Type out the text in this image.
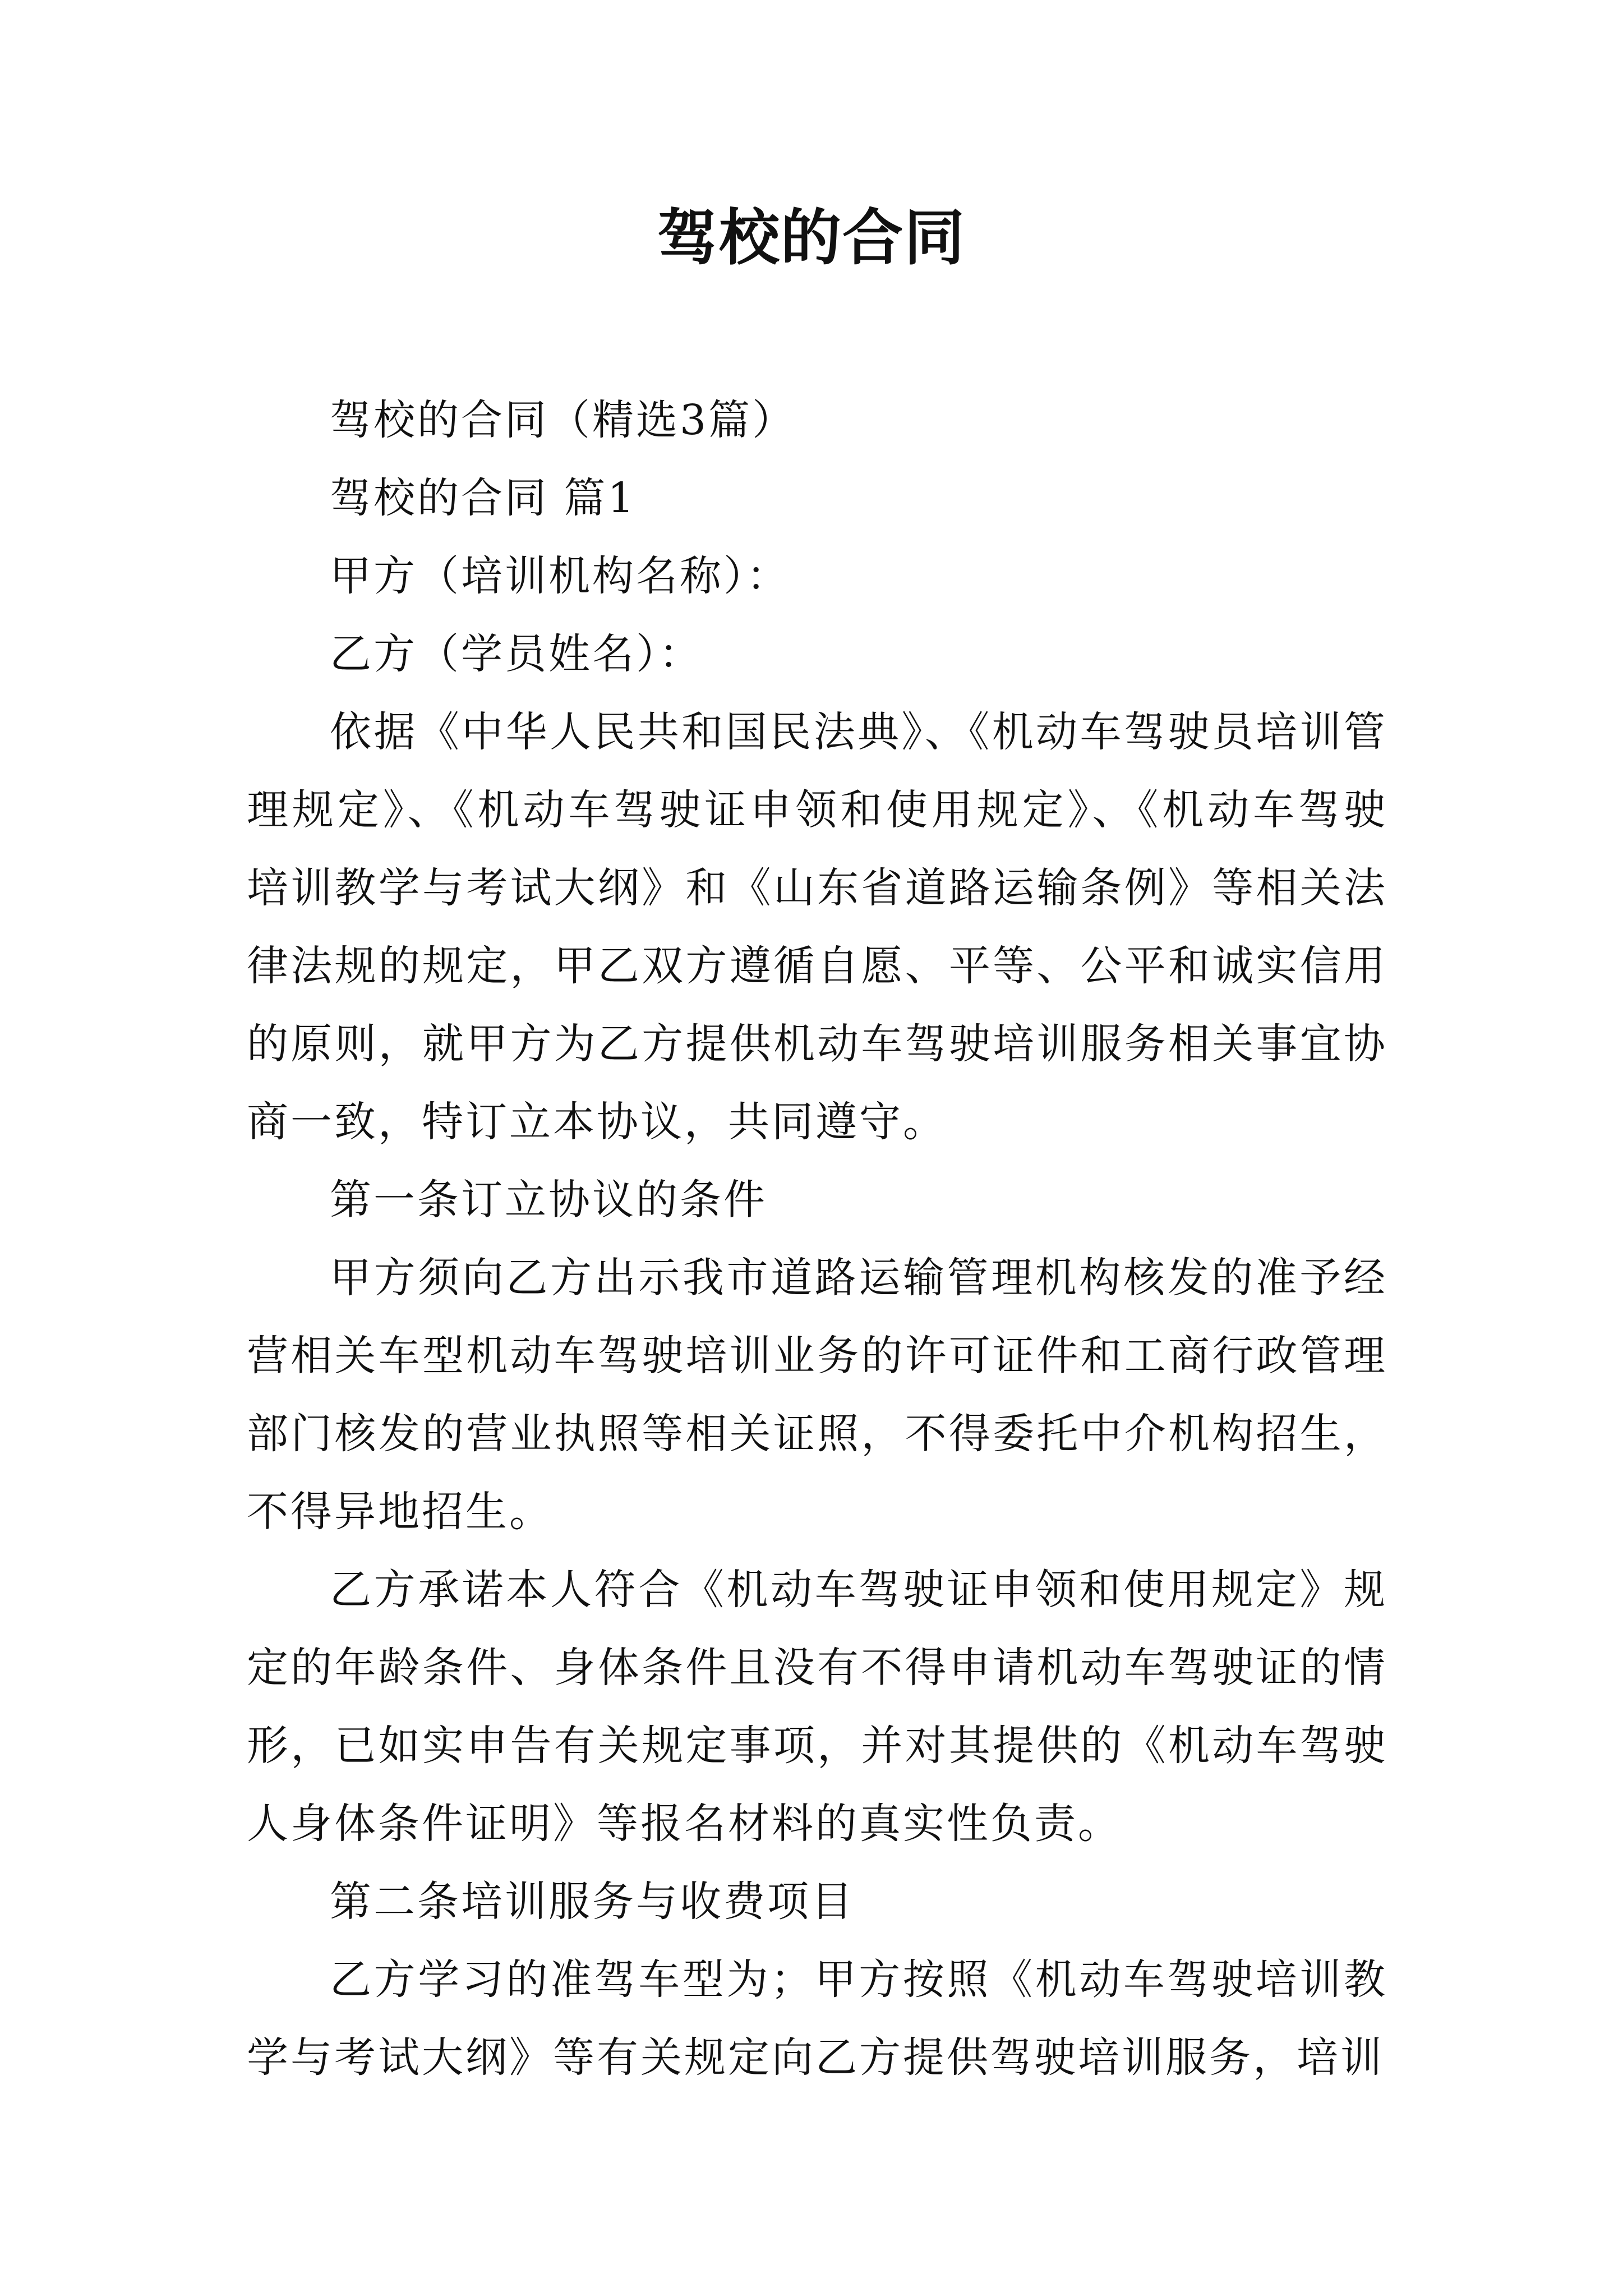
驾校的合同

驾校的合同（精选3篇）

驾校的合同 篇1

甲方（培训机构名称）：

乙方（学员姓名）：

依据《中华人民共和国民法典》、《机动车驾驶员培训管理规定》、《机动车驾驶证申领和使用规定》、《机动车驾驶培训教学与考试大纲》和《山东省道路运输条例》等相关法律法规的规定，甲乙双方遵循自愿、平等、公平和诚实信用的原则，就甲方为乙方提供机动车驾驶培训服务相关事宜协商一致，特订立本协议，共同遵守。

第一条订立协议的条件

甲方须向乙方出示我市道路运输管理机构核发的准予经营相关车型机动车驾驶培训业务的许可证件和工商行政管理部门核发的营业执照等相关证照，不得委托中介机构招生，不得异地招生。

乙方承诺本人符合《机动车驾驶证申领和使用规定》规定的年龄条件、身体条件且没有不得申请机动车驾驶证的情形，已如实申告有关规定事项，并对其提供的《机动车驾驶人身体条件证明》等报名材料的真实性负责。

第二条培训服务与收费项目

乙方学习的准驾车型为；甲方按照《机动车驾驶培训教学与考试大纲》等有关规定向乙方提供驾驶培训服务，培训
